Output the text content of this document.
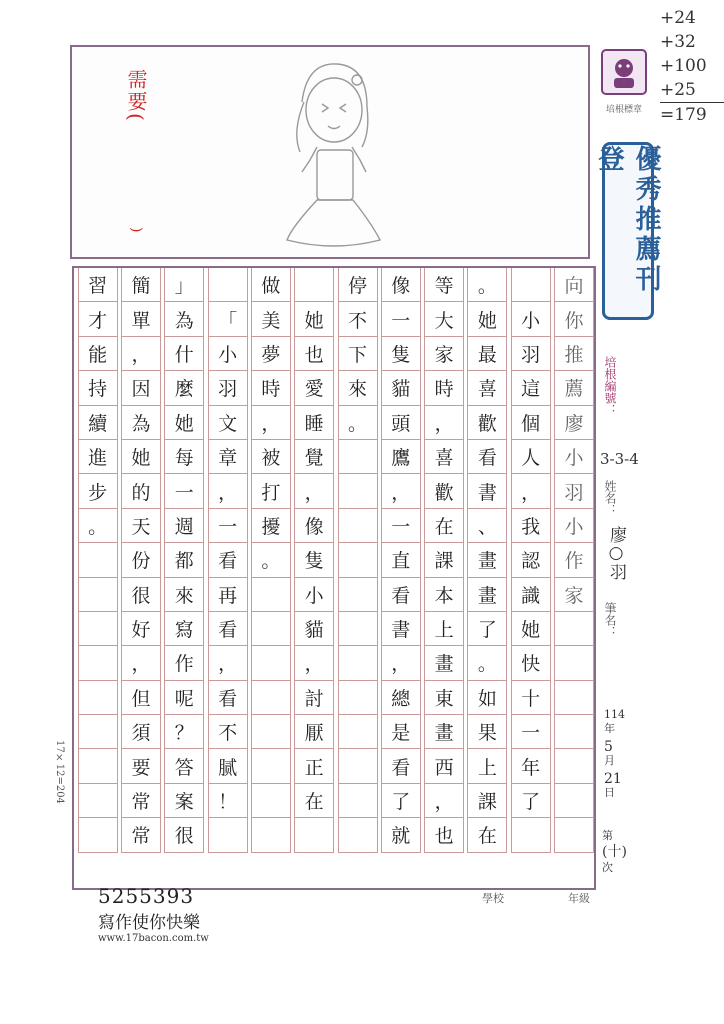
+24
+32
+100
+25
=179
培根標章
優秀推薦刊登
需要(
)
向
你
推
薦
廖
小
羽
小
作
家
小
羽
這
個
人
，
我
認
識
她
快
十
一
年
了
。
她
最
喜
歡
看
書
、
畫
畫
了
。
如
果
上
課
在
等
大
家
時
，
喜
歡
在
課
本
上
畫
東
畫
西
，
也
像
一
隻
貓
頭
鷹
，
一
直
看
書
，
總
是
看
了
就
停
不
下
來
。
她
也
愛
睡
覺
，
像
隻
小
貓
，
討
厭
正
在
做
美
夢
時
，
被
打
擾
。
「
小
羽
文
章
，
一
看
再
看
，
看
不
腻
！
」
為
什
麼
她
每
一
週
都
來
寫
作
呢
？
答
案
很
簡
單
，
因
為
她
的
天
份
很
好
，
但
須
要
常
常
習
才
能
持
續
進
步
。
17×12=204
學校	年級
培根編號：
3-3-4
姓名：
廖○羽
筆名：
114
年
5
月
21
日
第
(十)
次
5255393
寫作使你快樂
www.17bacon.com.tw
